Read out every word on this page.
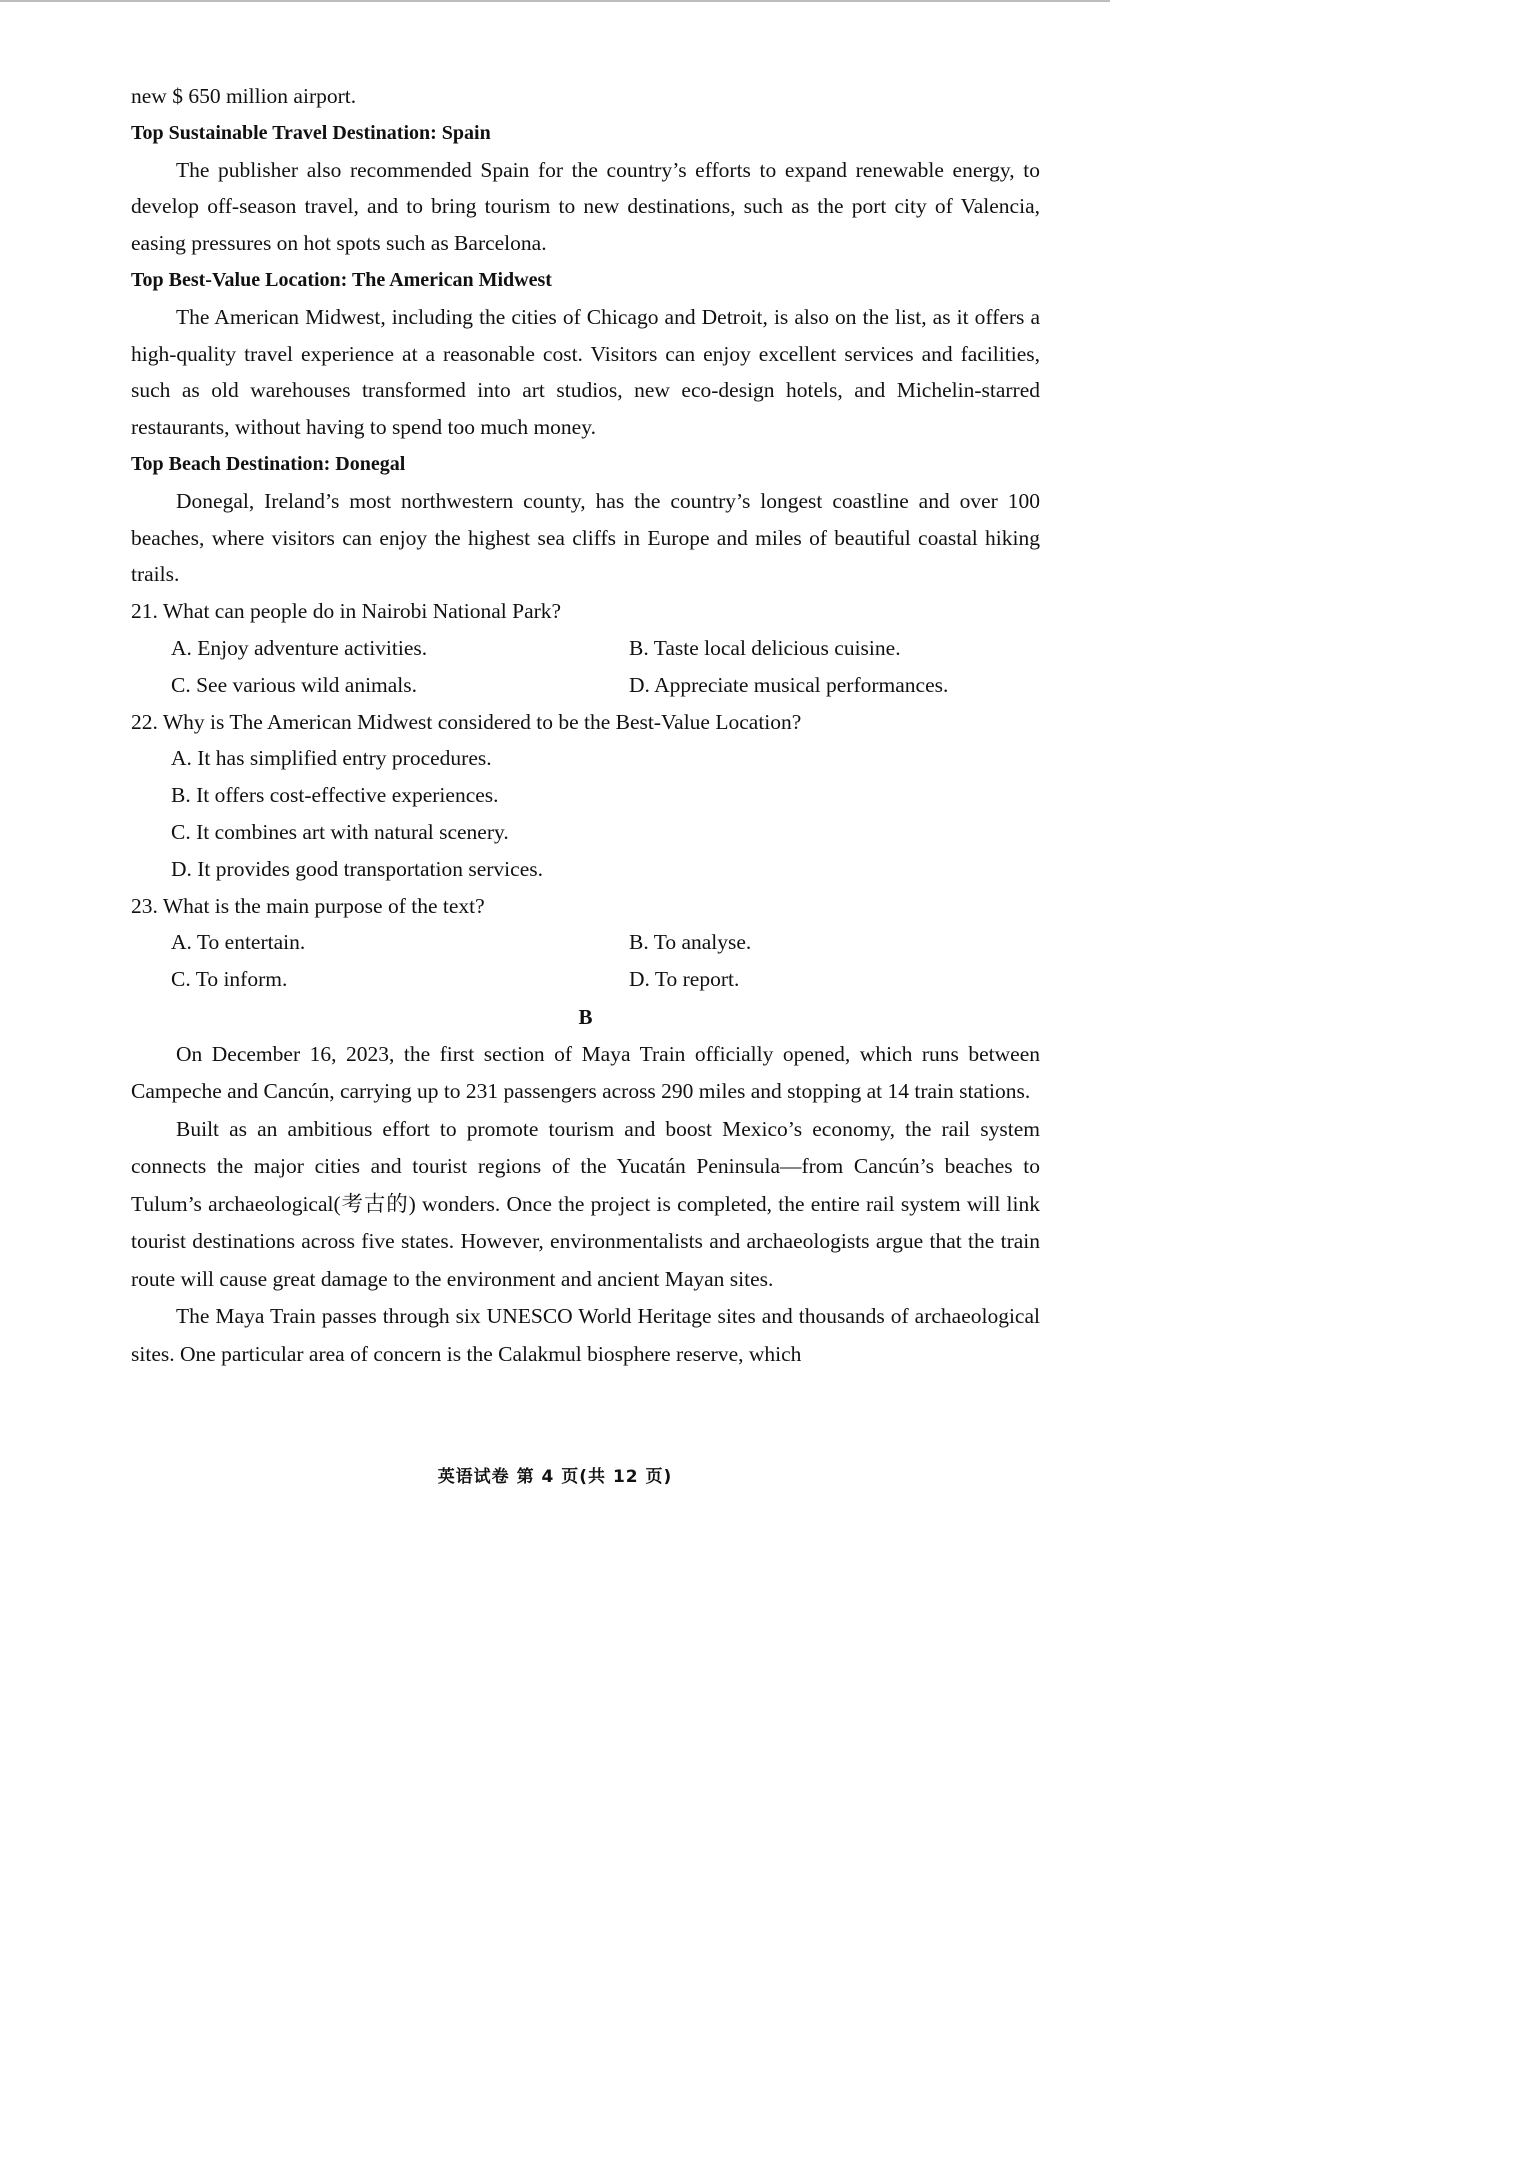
new $ 650 million airport.

Top Sustainable Travel Destination: Spain

The publisher also recommended Spain for the country’s efforts to expand renewable energy, to develop off-season travel, and to bring tourism to new destinations, such as the port city of Valencia, easing pressures on hot spots such as Barcelona.

Top Best-Value Location: The American Midwest

The American Midwest, including the cities of Chicago and Detroit, is also on the list, as it offers a high-quality travel experience at a reasonable cost. Visitors can enjoy excellent services and facilities, such as old warehouses transformed into art studios, new eco-design hotels, and Michelin-starred restaurants, without having to spend too much money.

Top Beach Destination: Donegal

Donegal, Ireland’s most northwestern county, has the country’s longest coastline and over 100 beaches, where visitors can enjoy the highest sea cliffs in Europe and miles of beautiful coastal hiking trails.

21. What can people do in Nairobi National Park?

A. Enjoy adventure activities.	B. Taste local delicious cuisine.
C. See various wild animals.	D. Appreciate musical performances.

22. Why is The American Midwest considered to be the Best-Value Location?

A. It has simplified entry procedures.

B. It offers cost-effective experiences.

C. It combines art with natural scenery.

D. It provides good transportation services.

23. What is the main purpose of the text?

A. To entertain.	B. To analyse.
C. To inform.	D. To report.

B

On December 16, 2023, the first section of Maya Train officially opened, which runs between Campeche and Cancún, carrying up to 231 passengers across 290 miles and stopping at 14 train stations.

Built as an ambitious effort to promote tourism and boost Mexico’s economy, the rail system connects the major cities and tourist regions of the Yucatán Peninsula—from Cancún’s beaches to Tulum’s archaeological(考古的) wonders. Once the project is completed, the entire rail system will link tourist destinations across five states. However, environmentalists and archaeologists argue that the train route will cause great damage to the environment and ancient Mayan sites.

The Maya Train passes through six UNESCO World Heritage sites and thousands of archaeological sites. One particular area of concern is the Calakmul biosphere reserve, which

英语试卷 第 4 页(共 12 页)
